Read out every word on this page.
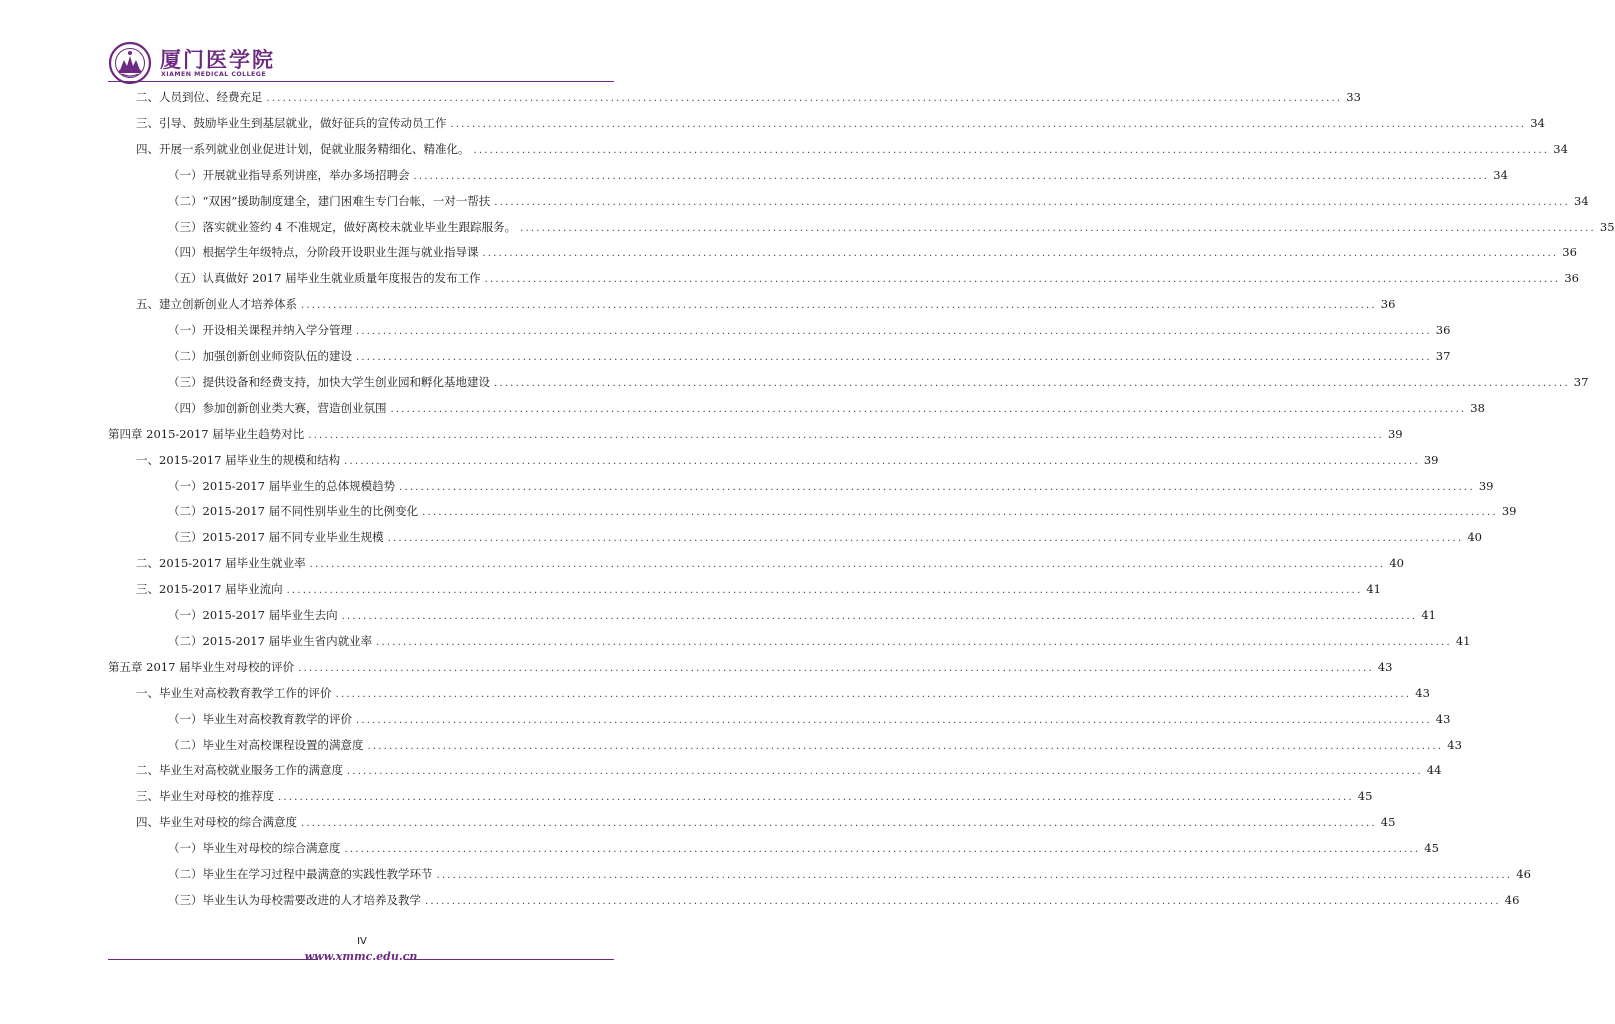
厦门医学院
XIAMEN MEDICAL COLLEGE
二、人员到位、经费充足 ........................................................................................................................................................................................................ 33
三、引导、鼓励毕业生到基层就业，做好征兵的宣传动员工作 ........................................................................................................................................................................................................ 34
四、开展一系列就业创业促进计划，促就业服务精细化、精准化。 ........................................................................................................................................................................................................ 34
（一）开展就业指导系列讲座，举办多场招聘会 ........................................................................................................................................................................................................ 34
（二）“双困”援助制度建全，建门困难生专门台帐，一对一帮扶 ........................................................................................................................................................................................................ 34
（三）落实就业签约 4 不准规定，做好离校未就业毕业生跟踪服务。 ........................................................................................................................................................................................................ 35
（四）根据学生年级特点，分阶段开设职业生涯与就业指导课 ........................................................................................................................................................................................................ 36
（五）认真做好 2017 届毕业生就业质量年度报告的发布工作 ........................................................................................................................................................................................................ 36
五、建立创新创业人才培养体系 ........................................................................................................................................................................................................ 36
（一）开设相关课程并纳入学分管理 ........................................................................................................................................................................................................ 36
（二）加强创新创业师资队伍的建设 ........................................................................................................................................................................................................ 37
（三）提供设备和经费支持，加快大学生创业园和孵化基地建设 ........................................................................................................................................................................................................ 37
（四）参加创新创业类大赛，营造创业氛围 ........................................................................................................................................................................................................ 38
第四章 2015-2017 届毕业生趋势对比 ........................................................................................................................................................................................................ 39
一、2015-2017 届毕业生的规模和结构 ........................................................................................................................................................................................................ 39
（一）2015-2017 届毕业生的总体规模趋势 ........................................................................................................................................................................................................ 39
（二）2015-2017 届不同性别毕业生的比例变化 ........................................................................................................................................................................................................ 39
（三）2015-2017 届不同专业毕业生规模 ........................................................................................................................................................................................................ 40
二、2015-2017 届毕业生就业率 ........................................................................................................................................................................................................ 40
三、2015-2017 届毕业流向 ........................................................................................................................................................................................................ 41
（一）2015-2017 届毕业生去向 ........................................................................................................................................................................................................ 41
（二）2015-2017 届毕业生省内就业率 ........................................................................................................................................................................................................ 41
第五章 2017 届毕业生对母校的评价 ........................................................................................................................................................................................................ 43
一、毕业生对高校教育教学工作的评价 ........................................................................................................................................................................................................ 43
（一）毕业生对高校教育教学的评价 ........................................................................................................................................................................................................ 43
（二）毕业生对高校课程设置的满意度 ........................................................................................................................................................................................................ 43
二、毕业生对高校就业服务工作的满意度 ........................................................................................................................................................................................................ 44
三、毕业生对母校的推荐度 ........................................................................................................................................................................................................ 45
四、毕业生对母校的综合满意度 ........................................................................................................................................................................................................ 45
（一）毕业生对母校的综合满意度 ........................................................................................................................................................................................................ 45
（二）毕业生在学习过程中最满意的实践性教学环节 ........................................................................................................................................................................................................ 46
（三）毕业生认为母校需要改进的人才培养及教学 ........................................................................................................................................................................................................ 46
IV
www.xmmc.edu.cn
